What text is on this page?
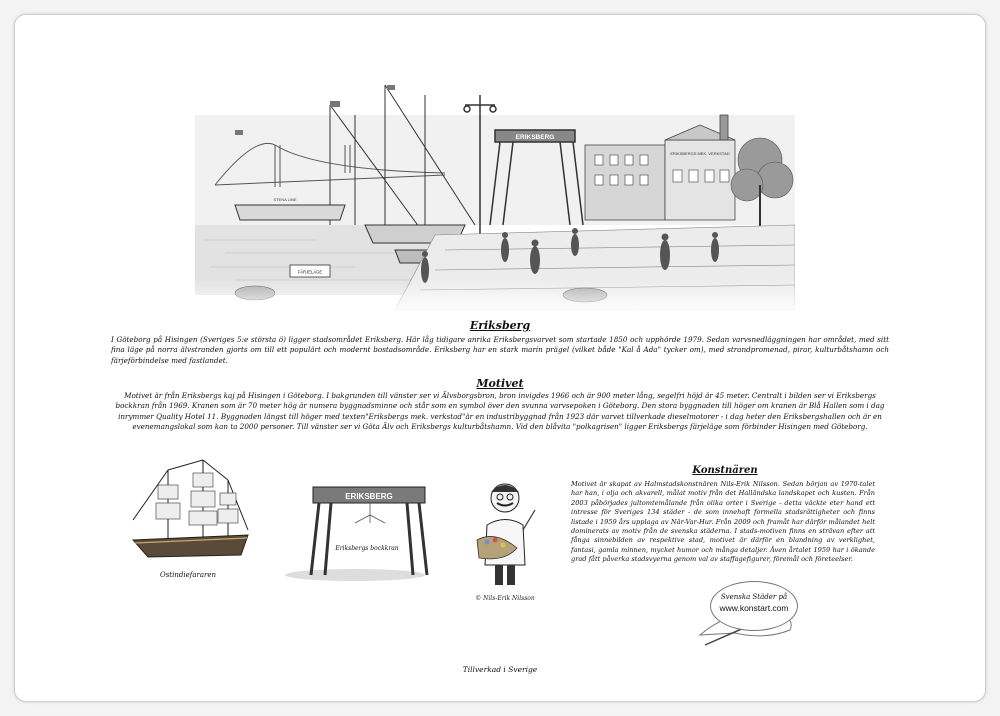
Eriksberg
I Göteborg på Hisingen (Sveriges 5:e största ö) ligger stadsområdet Eriksberg. Här låg tidigare anrika Eriksbergsvarvet som startade 1850 och upphörde 1979. Sedan varvsnedläggningen har området, med sitt fina läge på norra älvstranden gjorts om till ett populärt och modernt bostadsområde. Eriksberg har en stark marin prägel (vilket både "Kal å Ada" tycker om), med strandpromenad, pirar, kulturbåtshamn och färjeförbindelse med fastlandet.
Motivet
Motivet är från Eriksbergs kaj på Hisingen i Göteborg. I bakgrunden till vänster ser vi Älvsborgsbron, bron invigdes 1966 och är 900 meter lång, segelfri höjd är 45 meter. Centralt i bilden ser vi Eriksbergs bockkran från 1969. Kranen som är 70 meter hög är numera byggnadsminne och står som en symbol över den svunna varvsepoken i Göteborg. Den stora byggnaden till höger om kranen är Blå Hallen som i dag inrymmer Quality Hotel 11. Byggnaden längst till höger med texten"Eriksbergs mek. verkstad"är en industribyggnad från 1923 där varvet tillverkade dieselmotorer - i dag heter den Eriksbergshallen och är en evenemangslokal som kan ta 2000 personer. Till vänster ser vi Göta Älv och Eriksbergs kulturbåtshamn. Vid den blåvita "polkagrisen" ligger Eriksbergs färjeläge som förbinder Hisingen med Göteborg.
Ostindiefararen
ERIKSBERG
Eriksbergs bockkran
© Nils-Erik Nilsson
Konstnären
Motivet är skapat av Halmstadskonstnären Nils-Erik Nilsson. Sedan början av 1970-talet har han, i olja och akvarell, målat motiv från det Halländska landskapet och kusten. Från 2003 påbörjades jultomtemålande från olika orter i Sverige - detta väckte eter hand ett intresse för Sveriges 134 städer - de som innehaft formella stadsrättigheter och finns listade i 1959 års upplaga av När-Var-Hur. Från 2009 och framåt har därför målandet helt dominerats av motiv från de svenska städerna. I stads-motiven finns en strävan efter att fånga sinnebilden av respektive stad, motivet är därför en blandning av verklighet, fantasi, gamla minnen, mycket humor och många detaljer. Även årtalet 1959 har i ökande grad fått påverka stadsvyerna genom val av staffagefigurer, föremål och företeelser.
Svenska Städer på
www.konstart.com
Tillverkad i Sverige
